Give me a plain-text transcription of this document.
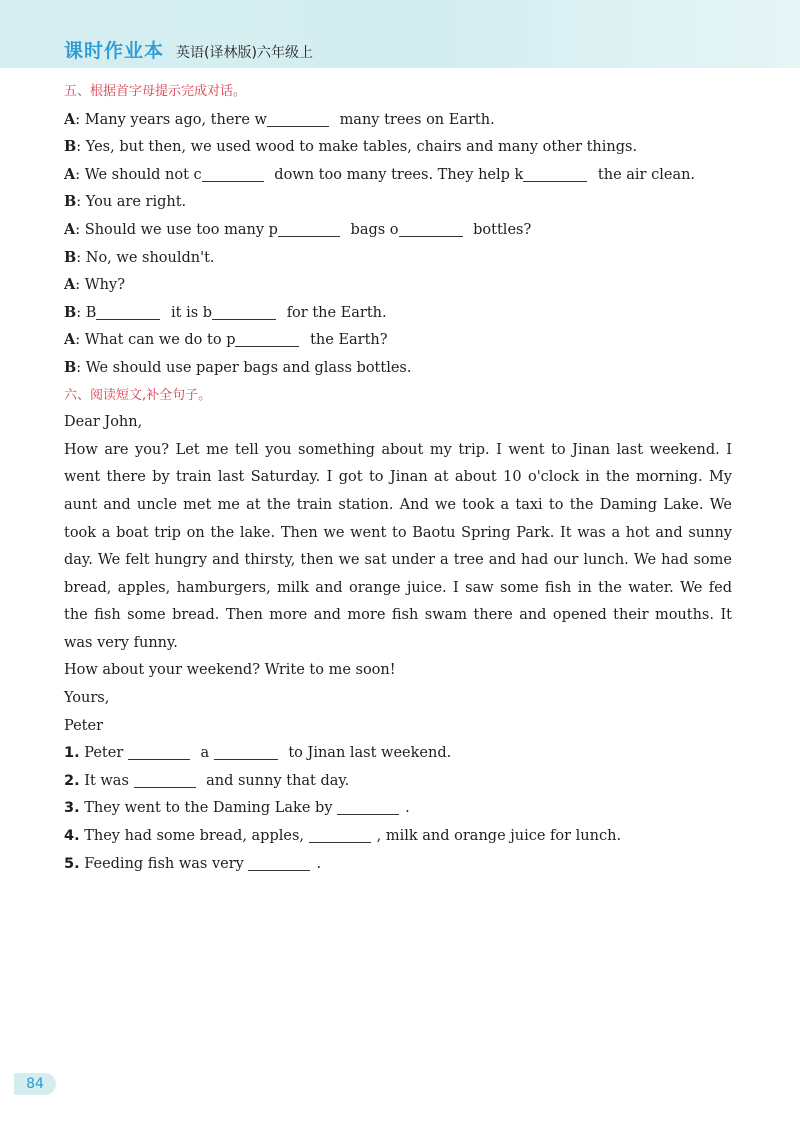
课时作业本 英语(译林版)六年级上
五、根据首字母提示完成对话。
A: Many years ago, there w	many trees on Earth.
B: Yes, but then, we used wood to make tables, chairs and many other things.
A: We should not c	down too many trees. They help k	the air clean.
B: You are right.
A: Should we use too many p	bags o	bottles?
B: No, we shouldn't.
A: Why?
B: B	it is b	for the Earth.
A: What can we do to p	the Earth?
B: We should use paper bags and glass bottles.
六、阅读短文,补全句子。
Dear John,
How are you? Let me tell you something about my trip. I went to Jinan last weekend. I went there by train last Saturday. I got to Jinan at about 10 o'clock in the morning. My aunt and uncle met me at the train station. And we took a taxi to the Daming Lake. We took a boat trip on the lake. Then we went to Baotu Spring Park. It was a hot and sunny day. We felt hungry and thirsty, then we sat under a tree and had our lunch. We had some bread, apples, hamburgers, milk and orange juice. I saw some fish in the water. We fed the fish some bread. Then more and more fish swam there and opened their mouths. It was very funny.
How about your weekend? Write to me soon!
Yours,
Peter
1. Peter	a	to Jinan last weekend.
2. It was	and sunny that day.
3. They went to the Daming Lake by	.
4. They had some bread, apples,	, milk and orange juice for lunch.
5. Feeding fish was very	.
84
